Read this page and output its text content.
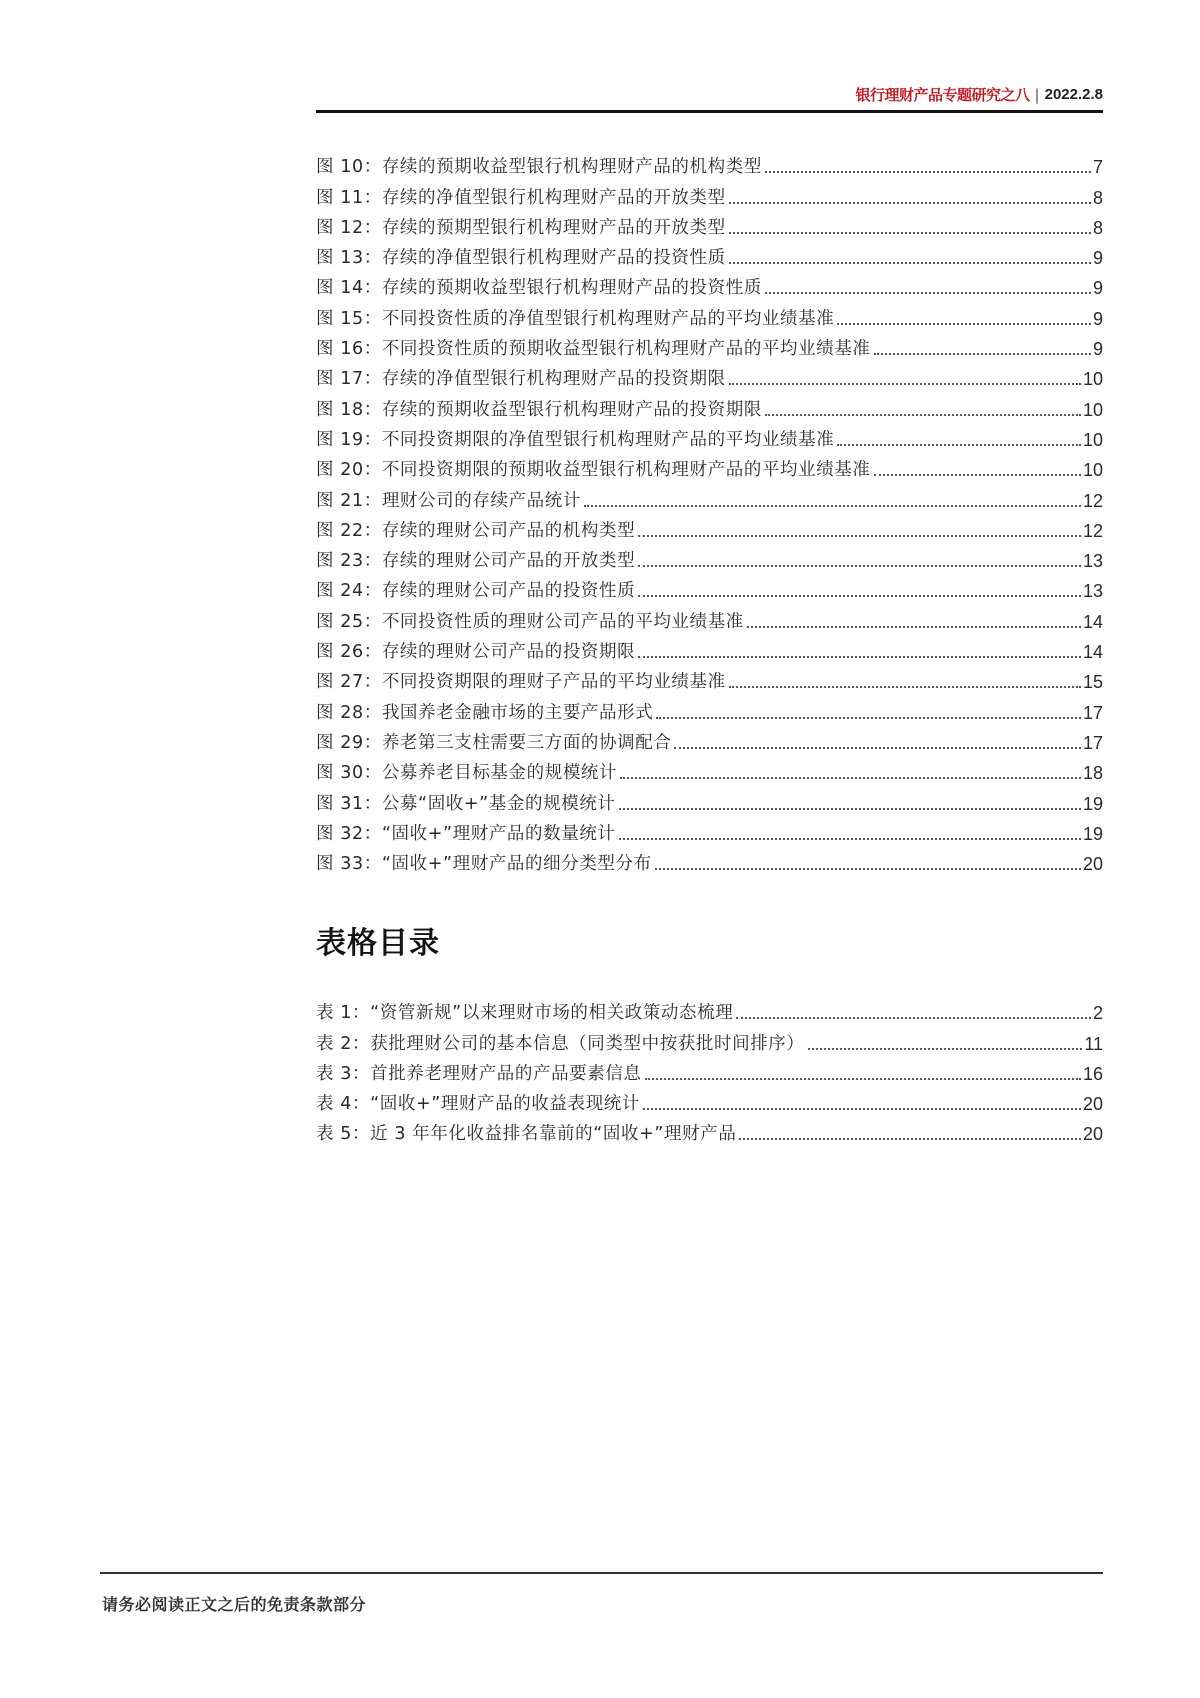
银行理财产品专题研究之八 | 2022.2.8
图 10：存续的预期收益型银行机构理财产品的机构类型	7
图 11：存续的净值型银行机构理财产品的开放类型	8
图 12：存续的预期型银行机构理财产品的开放类型	8
图 13：存续的净值型银行机构理财产品的投资性质	9
图 14：存续的预期收益型银行机构理财产品的投资性质	9
图 15：不同投资性质的净值型银行机构理财产品的平均业绩基准	9
图 16：不同投资性质的预期收益型银行机构理财产品的平均业绩基准	9
图 17：存续的净值型银行机构理财产品的投资期限	10
图 18：存续的预期收益型银行机构理财产品的投资期限	10
图 19：不同投资期限的净值型银行机构理财产品的平均业绩基准	10
图 20：不同投资期限的预期收益型银行机构理财产品的平均业绩基准	10
图 21：理财公司的存续产品统计	12
图 22：存续的理财公司产品的机构类型	12
图 23：存续的理财公司产品的开放类型	13
图 24：存续的理财公司产品的投资性质	13
图 25：不同投资性质的理财公司产品的平均业绩基准	14
图 26：存续的理财公司产品的投资期限	14
图 27：不同投资期限的理财子产品的平均业绩基准	15
图 28：我国养老金融市场的主要产品形式	17
图 29：养老第三支柱需要三方面的协调配合	17
图 30：公募养老目标基金的规模统计	18
图 31：公募“固收+”基金的规模统计	19
图 32：“固收+”理财产品的数量统计	19
图 33：“固收+”理财产品的细分类型分布	20
表格目录
表 1：“资管新规”以来理财市场的相关政策动态梳理	2
表 2：获批理财公司的基本信息（同类型中按获批时间排序）	11
表 3：首批养老理财产品的产品要素信息	16
表 4：“固收+”理财产品的收益表现统计	20
表 5：近 3 年年化收益排名靠前的“固收+”理财产品	20
请务必阅读正文之后的免责条款部分
